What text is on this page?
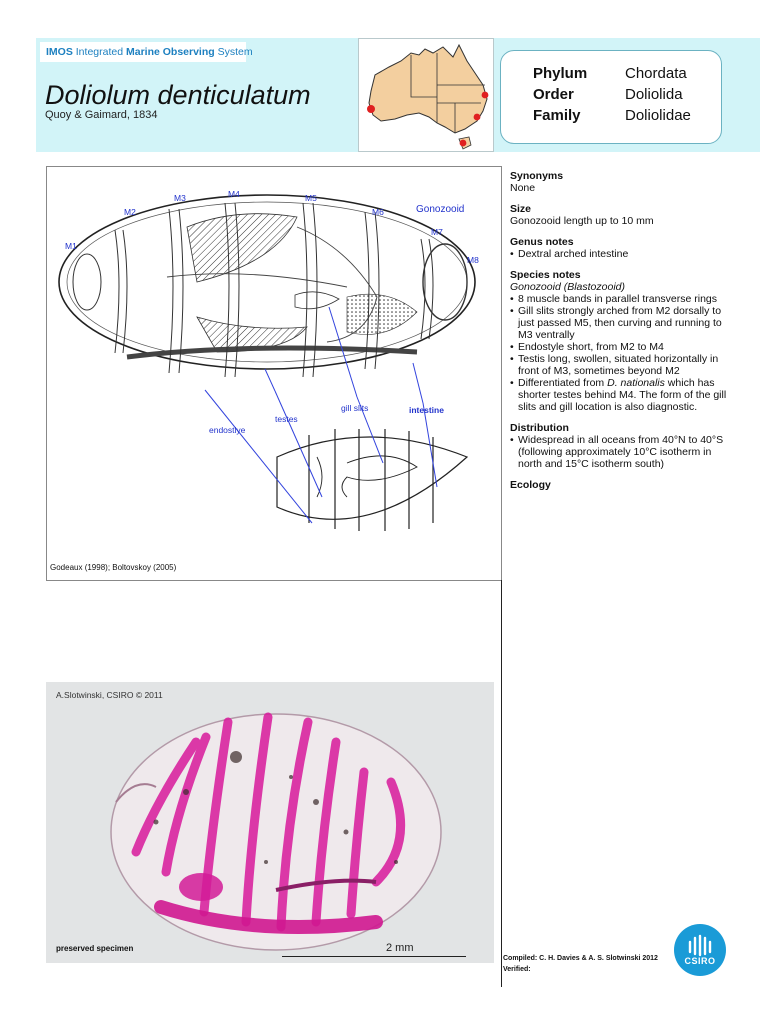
IMOS Integrated Marine Observing System
Doliolum denticulatum
Quoy & Gaimard, 1834
Phylum	Chordata
Order	Doliolida
Family	Doliolidae
M1
M2
M3	M4	M5
M6
M7
M8
Gonozooid
endostlye
testes
gill slits	intestine
Godeaux (1998); Boltovskoy (2005)
A.Slotwinski, CSIRO © 2011
2 mm
preserved specimen
Synonyms

None

Size

Gonozooid length up to 10 mm

Genus notes
• Dextral arched intestine
Species notes

Gonozooid (Blastozooid)

• 8 muscle bands in parallel transverse rings
• Gill slits strongly arched from M2 dorsally to just passed M5, then curving and running to M3 ventrally
• Endostyle short, from M2 to M4
• Testis long, swollen, situated horizontally in front of M3, sometimes beyond M2
• Differentiated from D. nationalis which has shorter testes behind M4. The form of the gill slits and gill location is also diagnostic.
Distribution
• Widespread in all oceans from 40°N to 40°S (following approximately 10°C isotherm in north and 15°C isotherm south)
Ecology
Compiled: C. H. Davies & A. S. Slotwinski 2012
Verified:
CSIRO
